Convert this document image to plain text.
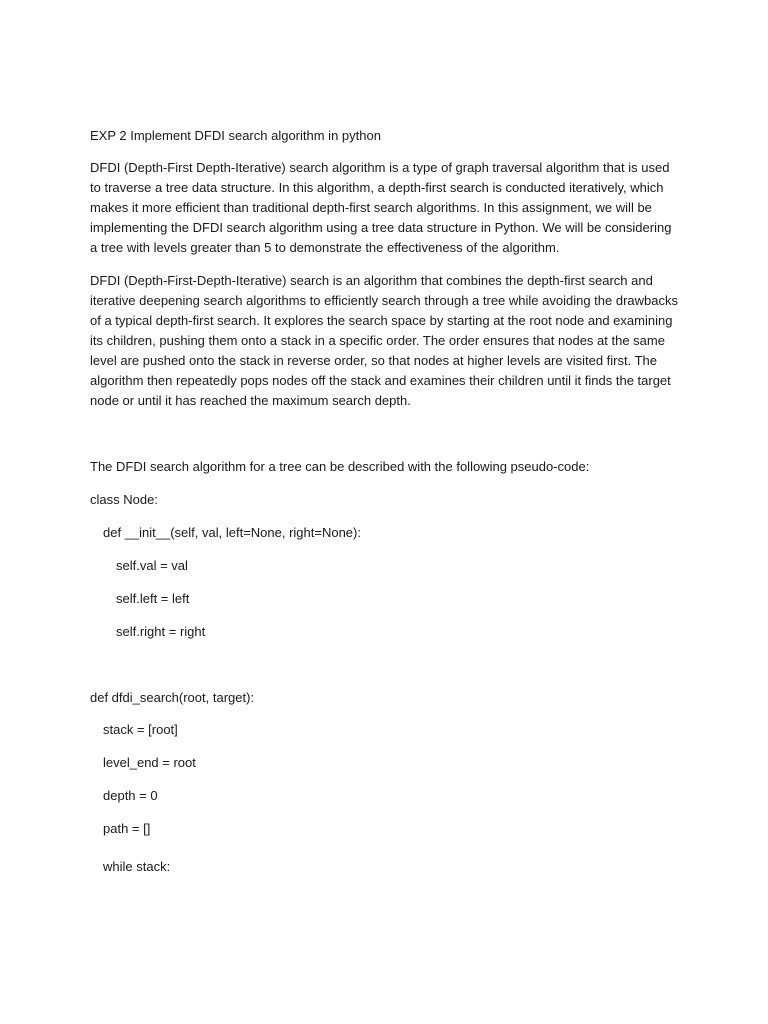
EXP 2 Implement DFDI search algorithm in python
DFDI (Depth-First Depth-Iterative) search algorithm is a type of graph traversal algorithm that is used to traverse a tree data structure. In this algorithm, a depth-first search is conducted iteratively, which makes it more efficient than traditional depth-first search algorithms. In this assignment, we will be implementing the DFDI search algorithm using a tree data structure in Python. We will be considering a tree with levels greater than 5 to demonstrate the effectiveness of the algorithm.
DFDI (Depth-First-Depth-Iterative) search is an algorithm that combines the depth-first search and iterative deepening search algorithms to efficiently search through a tree while avoiding the drawbacks of a typical depth-first search. It explores the search space by starting at the root node and examining its children, pushing them onto a stack in a specific order. The order ensures that nodes at the same level are pushed onto the stack in reverse order, so that nodes at higher levels are visited first. The algorithm then repeatedly pops nodes off the stack and examines their children until it finds the target node or until it has reached the maximum search depth.
The DFDI search algorithm for a tree can be described with the following pseudo-code:
class Node:
def __init__(self, val, left=None, right=None):
self.val = val
self.left = left
self.right = right
def dfdi_search(root, target):
stack = [root]
level_end = root
depth = 0
path = []
while stack:
